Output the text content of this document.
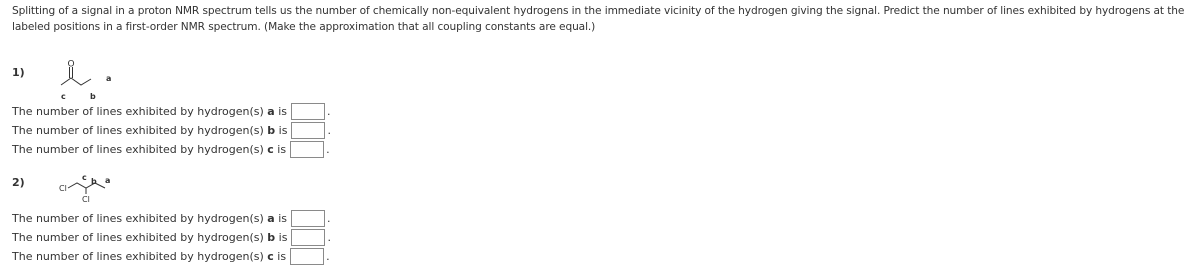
Splitting of a signal in a proton NMR spectrum tells us the number of chemically non-equivalent hydrogens in the immediate vicinity of the hydrogen giving the signal. Predict the number of lines exhibited by hydrogens at the labeled positions in a first-order NMR spectrum. (Make the approximation that all coupling constants are equal.)
1)
O
a
b
c
The number of lines exhibited by hydrogen(s) a is	.
The number of lines exhibited by hydrogen(s) b is	.
The number of lines exhibited by hydrogen(s) c is	.
2)	Cl
Cl
a
b
c
The number of lines exhibited by hydrogen(s) a is	.
The number of lines exhibited by hydrogen(s) b is	.
The number of lines exhibited by hydrogen(s) c is	.
